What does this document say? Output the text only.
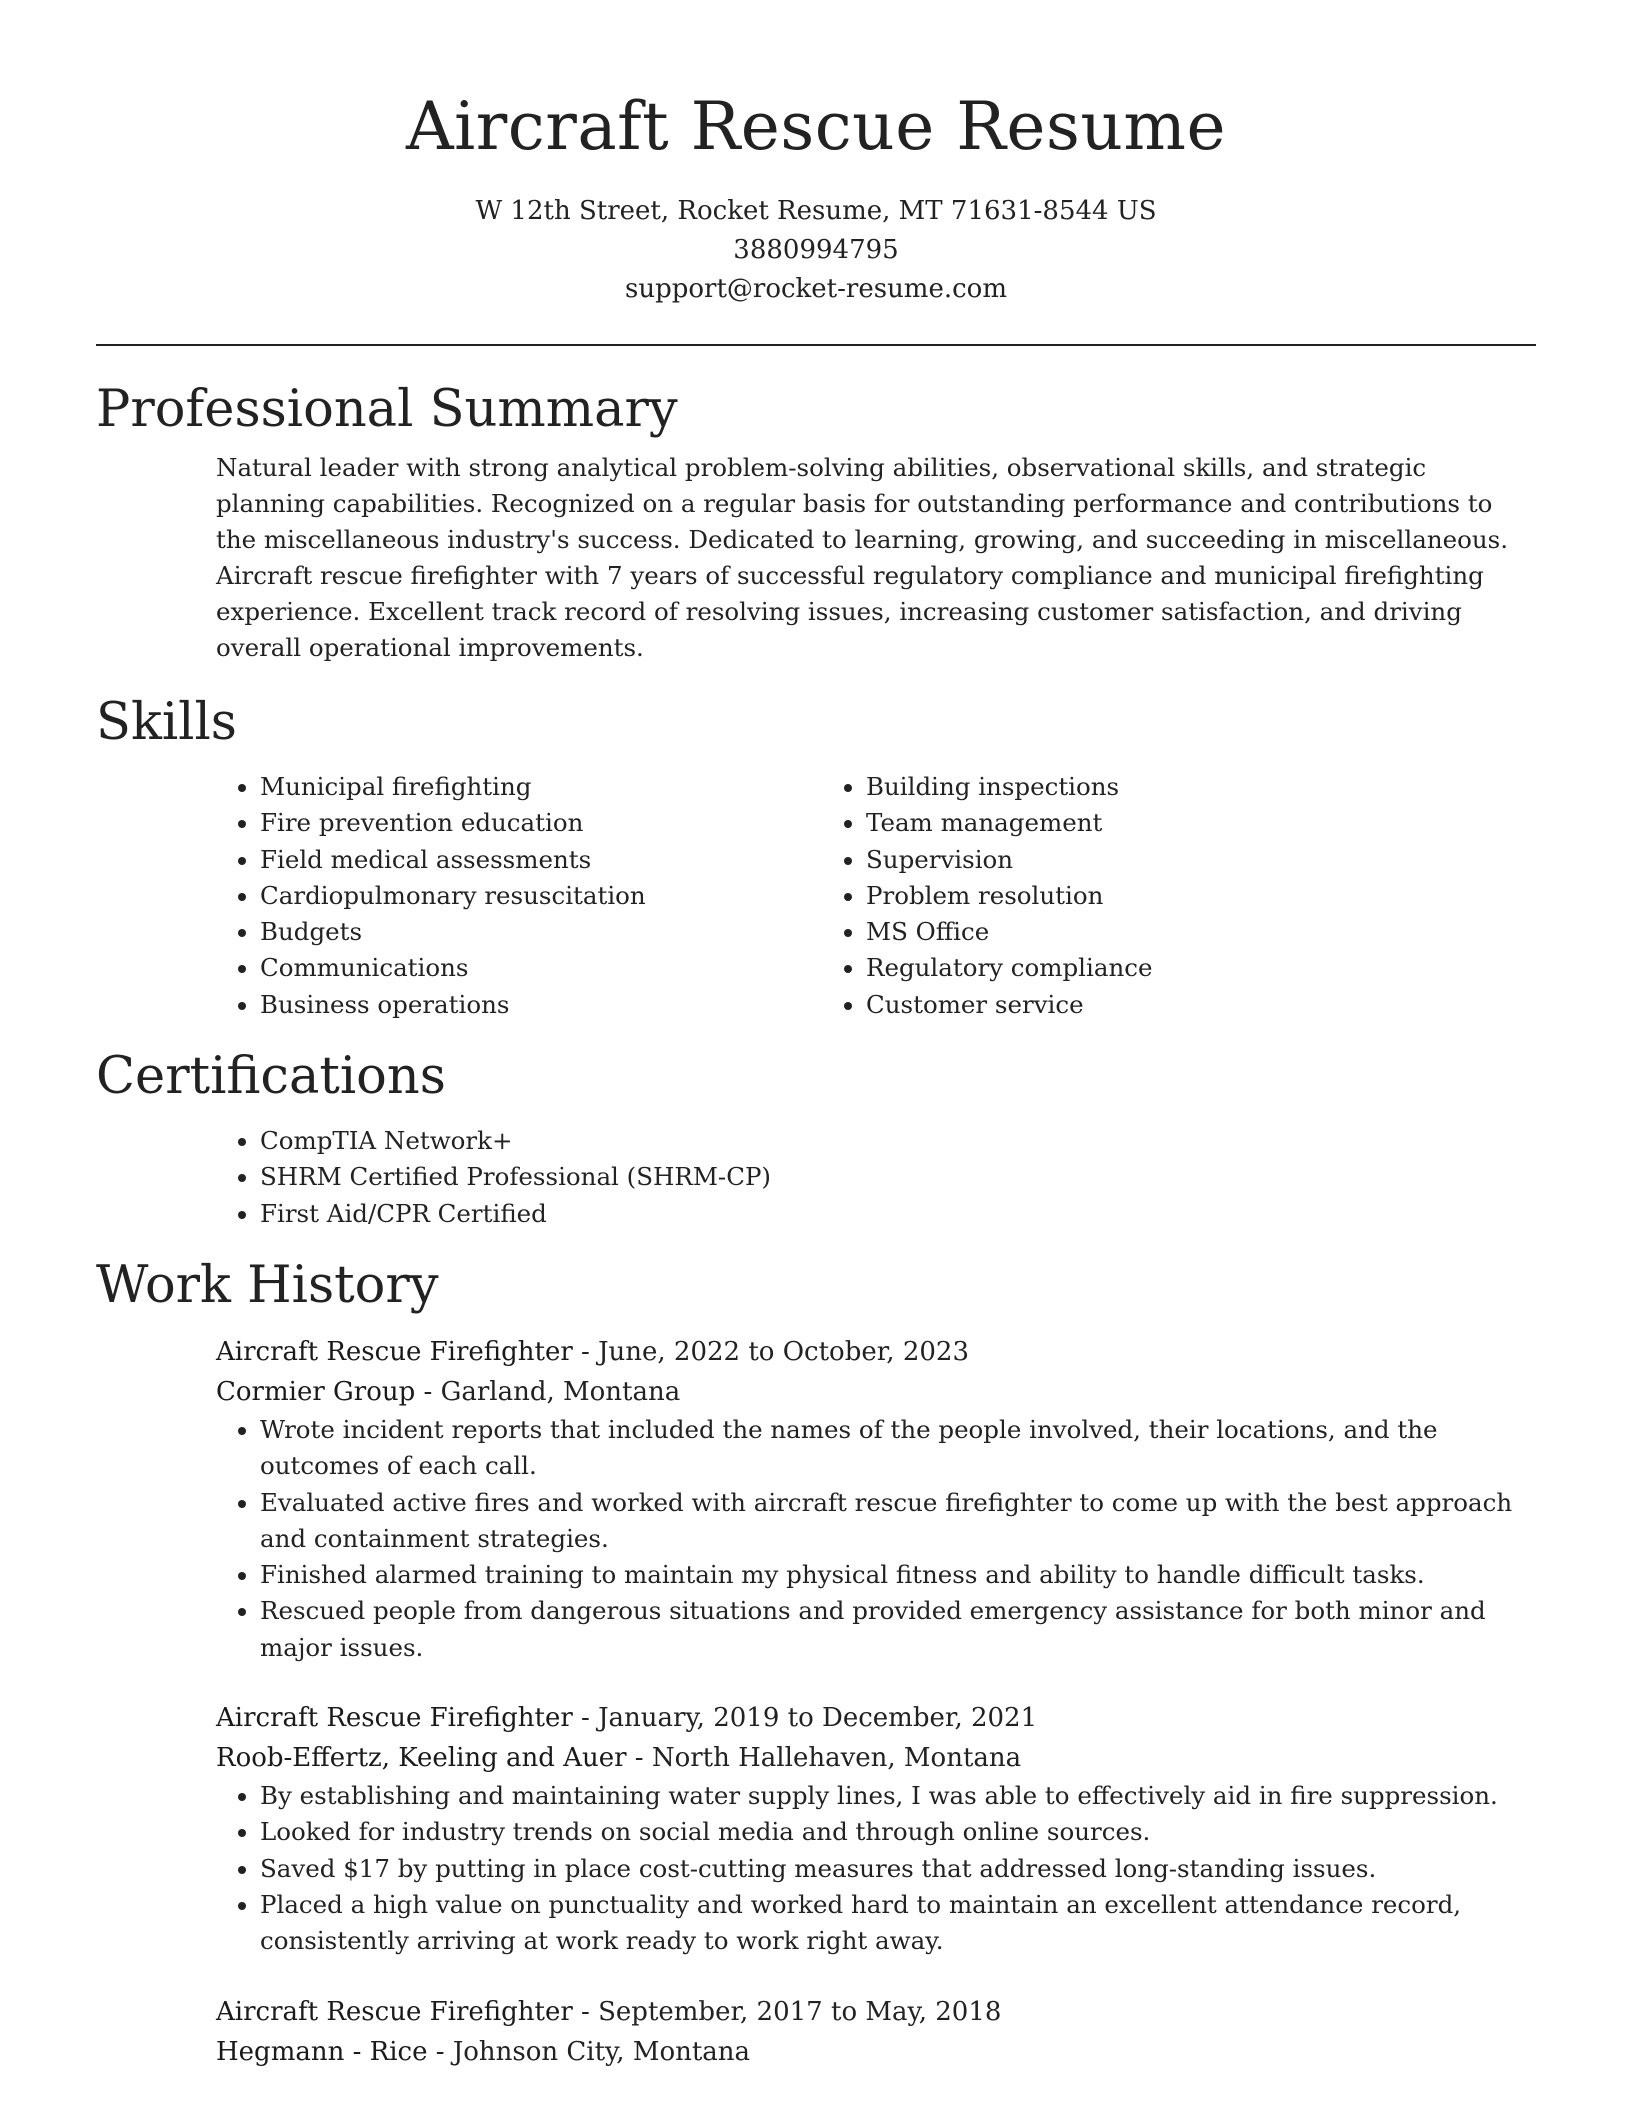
Aircraft Rescue Resume
W 12th Street, Rocket Resume, MT 71631-8544 US
3880994795
support@rocket-resume.com
Professional Summary
Natural leader with strong analytical problem-solving abilities, observational skills, and strategic planning capabilities. Recognized on a regular basis for outstanding performance and contributions to the miscellaneous industry's success. Dedicated to learning, growing, and succeeding in miscellaneous. Aircraft rescue firefighter with 7 years of successful regulatory compliance and municipal firefighting experience. Excellent track record of resolving issues, increasing customer satisfaction, and driving overall operational improvements.
Skills
• Municipal firefighting
• Fire prevention education
• Field medical assessments
• Cardiopulmonary resuscitation
• Budgets
• Communications
• Business operations
• Building inspections
• Team management
• Supervision
• Problem resolution
• MS Office
• Regulatory compliance
• Customer service
Certifications
• CompTIA Network+
• SHRM Certified Professional (SHRM-CP)
• First Aid/CPR Certified
Work History
Aircraft Rescue Firefighter - June, 2022 to October, 2023
Cormier Group - Garland, Montana
• Wrote incident reports that included the names of the people involved, their locations, and the outcomes of each call.
• Evaluated active fires and worked with aircraft rescue firefighter to come up with the best approach and containment strategies.
• Finished alarmed training to maintain my physical fitness and ability to handle difficult tasks.
• Rescued people from dangerous situations and provided emergency assistance for both minor and major issues.
Aircraft Rescue Firefighter - January, 2019 to December, 2021
Roob-Effertz, Keeling and Auer - North Hallehaven, Montana
• By establishing and maintaining water supply lines, I was able to effectively aid in fire suppression.
• Looked for industry trends on social media and through online sources.
• Saved $17 by putting in place cost-cutting measures that addressed long-standing issues.
• Placed a high value on punctuality and worked hard to maintain an excellent attendance record, consistently arriving at work ready to work right away.
Aircraft Rescue Firefighter - September, 2017 to May, 2018
Hegmann - Rice - Johnson City, Montana
